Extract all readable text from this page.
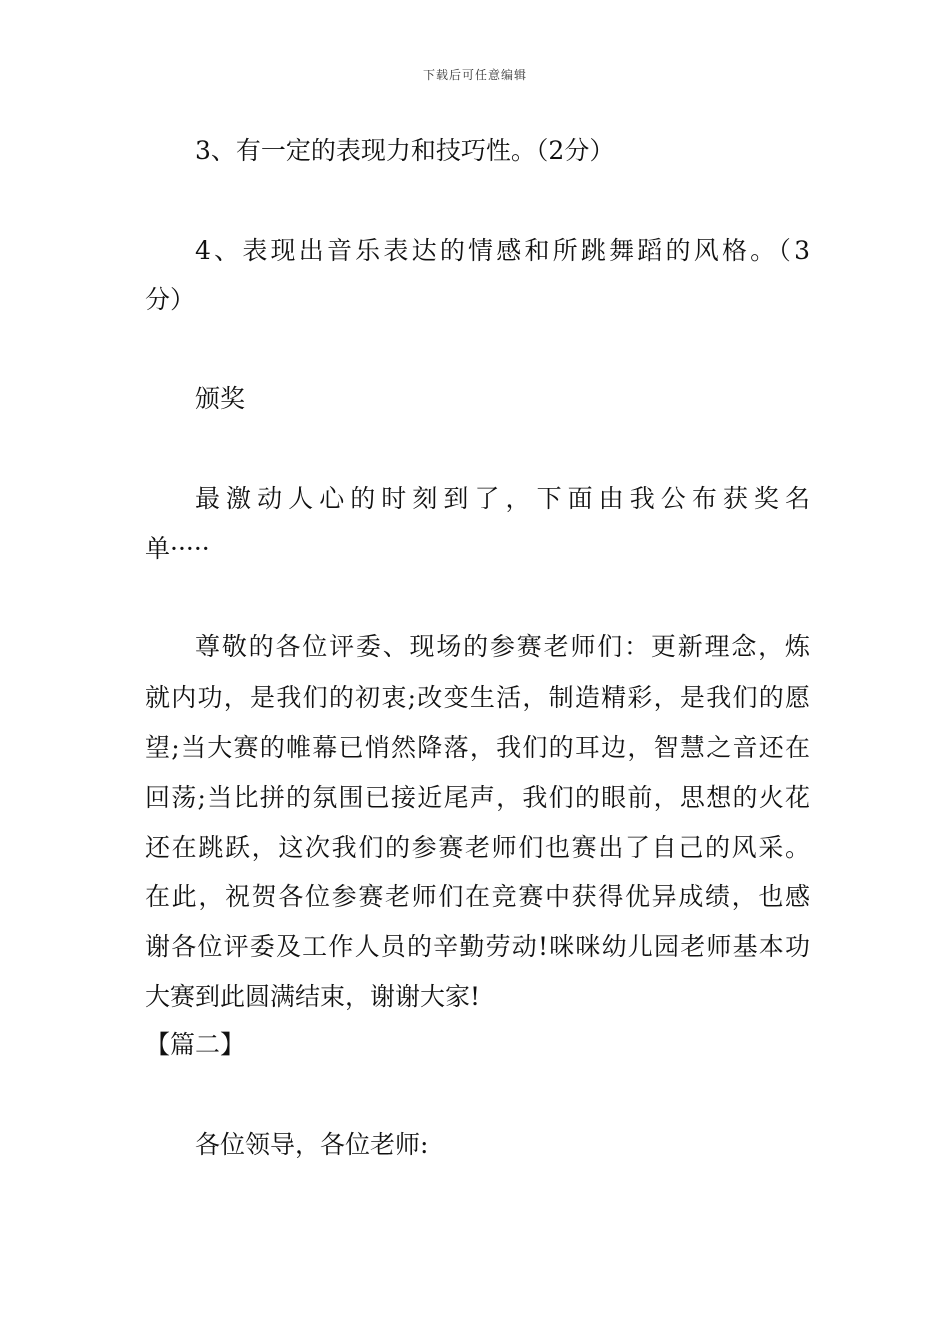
下载后可任意编辑
3、有一定的表现力和技巧性。（2分）
4、表现出音乐表达的情感和所跳舞蹈的风格。（3
分）
颁奖
最激动人心的时刻到了，下面由我公布获奖名
单·····
尊敬的各位评委、现场的参赛老师们：更新理念，炼
就内功，是我们的初衷;改变生活，制造精彩，是我们的愿
望;当大赛的帷幕已悄然降落，我们的耳边，智慧之音还在
回荡;当比拼的氛围已接近尾声，我们的眼前，思想的火花
还在跳跃，这次我们的参赛老师们也赛出了自己的风采。
在此，祝贺各位参赛老师们在竞赛中获得优异成绩，也感
谢各位评委及工作人员的辛勤劳动!咪咪幼儿园老师基本功
大赛到此圆满结束，谢谢大家!
【篇二】
各位领导，各位老师:
